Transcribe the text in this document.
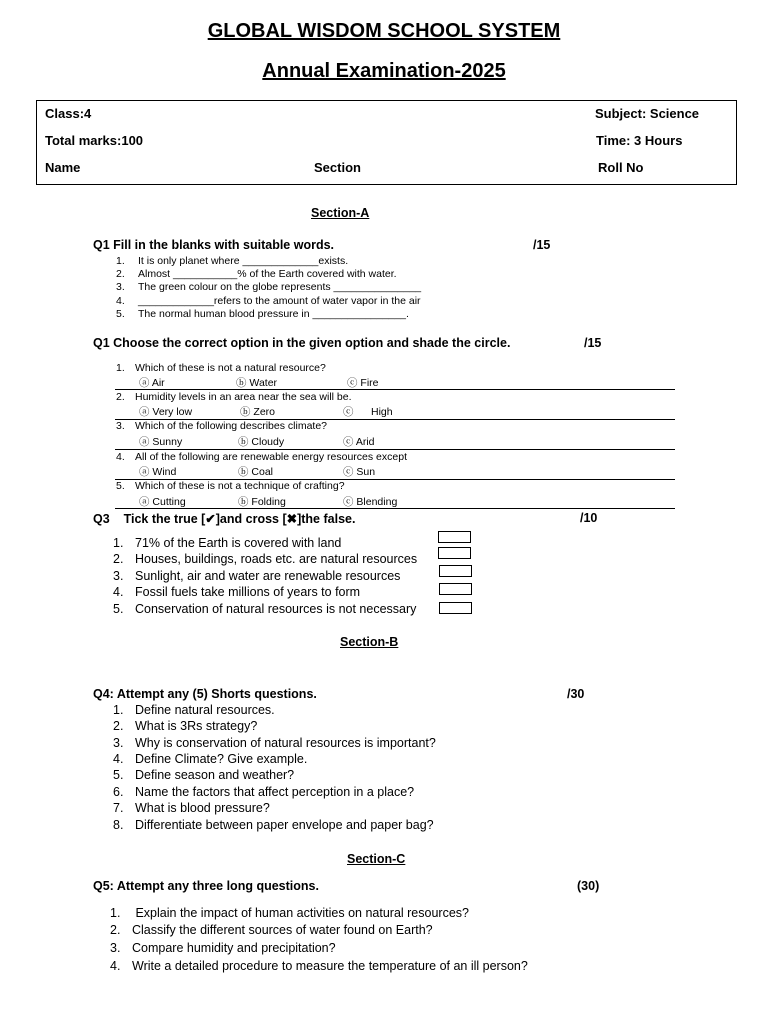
GLOBAL WISDOM SCHOOL SYSTEM
Annual Examination-2025
Class:4	Subject: Science
Total marks:100	Time: 3 Hours
Name	Section	Roll No
Section-A
Q1 Fill in the blanks with suitable words.	/15
1. It is only planet where _____________exists.
2. Almost ___________% of the Earth covered with water.
3. The green colour on the globe represents _______________
4. _____________refers to the amount of water vapor in the air
5. The normal human blood pressure in ________________.
Q1 Choose the correct option in the given option and shade the circle.	/15
1. Which of these is not a natural resource?
ⓐ Air	ⓑ Water	ⓒ Fire
2. Humidity levels in an area near the sea will be.
ⓐ Very low	ⓑ Zero	ⓒ      High
3. Which of the following describes climate?
ⓐ Sunny	ⓑ Cloudy	ⓒ Arid
4. All of the following are renewable energy resources except
ⓐ Wind	ⓑ Coal	ⓒ Sun
5. Which of these is not a technique of crafting?
ⓐ Cutting	ⓑ Folding	ⓒ Blending
Q3    Tick the true [✔]and cross [✖]the false.	/10
1. 71% of the Earth is covered with land
2. Houses, buildings, roads etc. are natural resources
3. Sunlight, air and water are renewable resources
4. Fossil fuels take millions of years to form
5. Conservation of natural resources is not necessary
Section-B
Q4: Attempt any (5) Shorts questions.	/30
1. Define natural resources.
2. What is 3Rs strategy?
3. Why is conservation of natural resources is important?
4. Define Climate? Give example.
5. Define season and weather?
6. Name the factors that affect perception in a place?
7. What is blood pressure?
8. Differentiate between paper envelope and paper bag?
Section-C
Q5: Attempt any three long questions.	(30)
1. Explain the impact of human activities on natural resources?
2. Classify the different sources of water found on Earth?
3. Compare humidity and precipitation?
4. Write a detailed procedure to measure the temperature of an ill person?
